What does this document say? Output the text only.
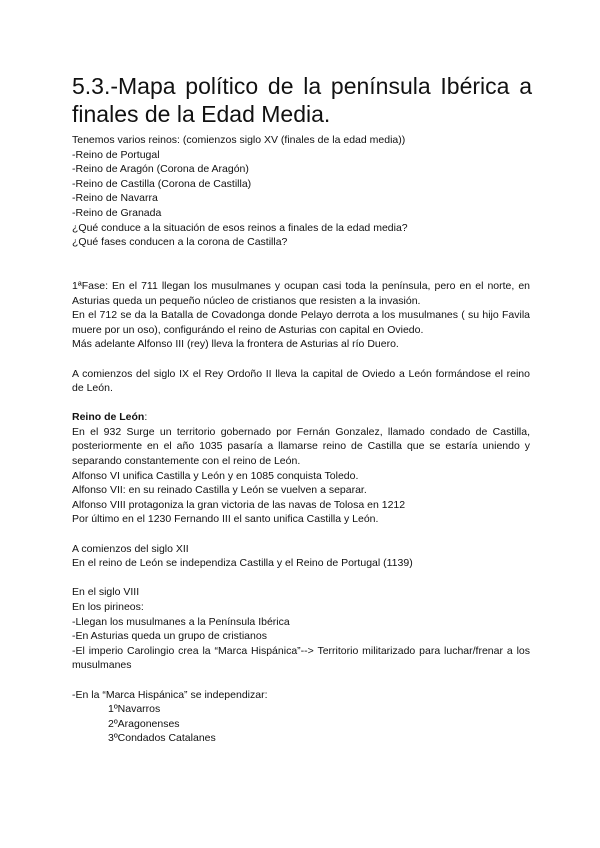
5.3.-Mapa político de la península Ibérica a finales de la Edad Media.
Tenemos varios reinos: (comienzos siglo XV (finales de la edad media))
-Reino de Portugal
-Reino de Aragón (Corona de Aragón)
-Reino de Castilla (Corona de Castilla)
-Reino de Navarra
-Reino de Granada
¿Qué conduce a la situación de esos reinos a finales de la edad media?
¿Qué fases conducen a la corona de Castilla?
1ªFase: En el 711 llegan los musulmanes y ocupan casi toda la península, pero en el norte, en Asturias queda un pequeño núcleo de cristianos que resisten a la invasión.
En el 712 se da la Batalla de Covadonga donde Pelayo derrota a los musulmanes ( su hijo Favila muere por un oso), configurándo el reino de Asturias con capital en Oviedo.
Más adelante Alfonso III (rey) lleva la frontera de Asturias al río Duero.
A comienzos del siglo IX el Rey Ordoño II lleva la capital de Oviedo a León formándose el reino de León.
Reino de León:
En el 932 Surge un territorio gobernado por Fernán Gonzalez, llamado condado de Castilla, posteriormente en el año 1035 pasaría a llamarse reino de Castilla que se estaría uniendo y separando constantemente con el reino de León.
Alfonso VI unifica Castilla y León y en 1085 conquista Toledo.
Alfonso VII: en su reinado Castilla y León se vuelven a separar.
Alfonso VIII protagoniza la gran victoria de las navas de Tolosa en 1212
Por último en el 1230 Fernando III el santo unifica Castilla y León.
A comienzos del siglo XII
En el reino de León se independiza Castilla y el Reino de Portugal (1139)
En el siglo VIII
En los pirineos:
-Llegan los musulmanes a la Península Ibérica
-En Asturias queda un grupo de cristianos
-El imperio Carolingio crea la “Marca Hispánica”--> Territorio militarizado para luchar/frenar a los musulmanes
-En la “Marca Hispánica” se independizar:
1ºNavarros
2ºAragonenses
3ºCondados Catalanes
